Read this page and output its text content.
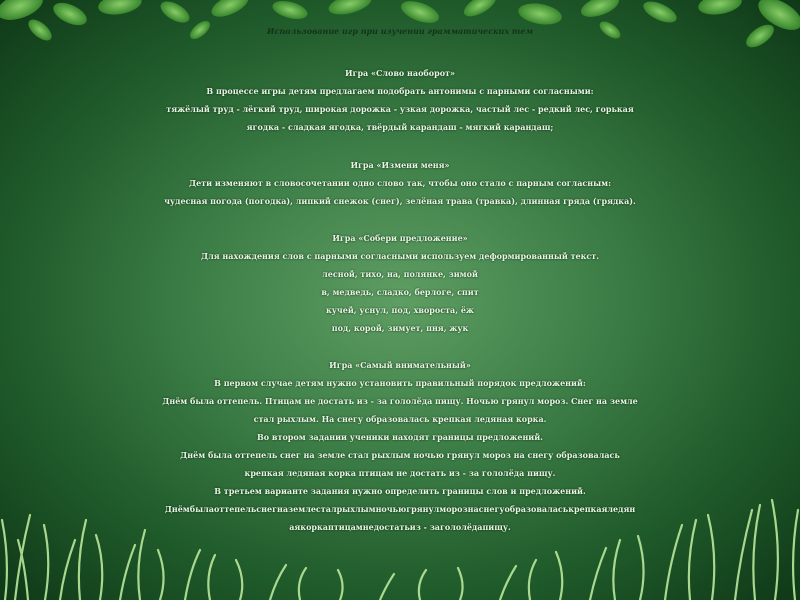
Использование игр при изучении грамматических тем
Игра «Слово наоборот»
В процессе игры детям предлагаем подобрать антонимы с парными согласными:
тяжёлый труд - лёгкий труд, широкая дорожка - узкая дорожка, частый лес - редкий лес, горькая
ягодка - сладкая ягодка, твёрдый карандаш - мягкий карандаш;
Игра «Измени меня»
Дети изменяют в словосочетании одно слово так, чтобы оно стало с парным согласным:
чудесная погода (погодка), липкий снежок (снег), зелёная трава (травка), длинная гряда (грядка).
Игра «Собери предложение»
Для нахождения слов с парными согласными используем деформированный текст.
лесной, тихо, на, полянке, зимой
в, медведь, сладко, берлоге, спит
кучей, уснул, под, хвороста, ёж
под, корой, зимует, пня, жук
Игра «Самый внимательный»
В первом случае детям нужно установить правильный порядок предложений:
Днём была оттепель. Птицам не достать из - за гололёда пищу. Ночью грянул мороз. Снег на земле
стал рыхлым. На снегу образовалась крепкая ледяная корка.
Во втором задании ученики находят границы предложений.
Днём была оттепель снег на земле стал рыхлым ночью грянул мороз на снегу образовалась
крепкая ледяная корка птицам не достать из - за гололёда пищу.
В третьем варианте задания нужно определить границы слов и предложений.
Днёмбылаоттепельснегназемлесталрыхлымночьюгрянулморознаснегуобразоваласькрепкаяледян
аякоркаптицамнедостатьиз - загололёдапищу.
